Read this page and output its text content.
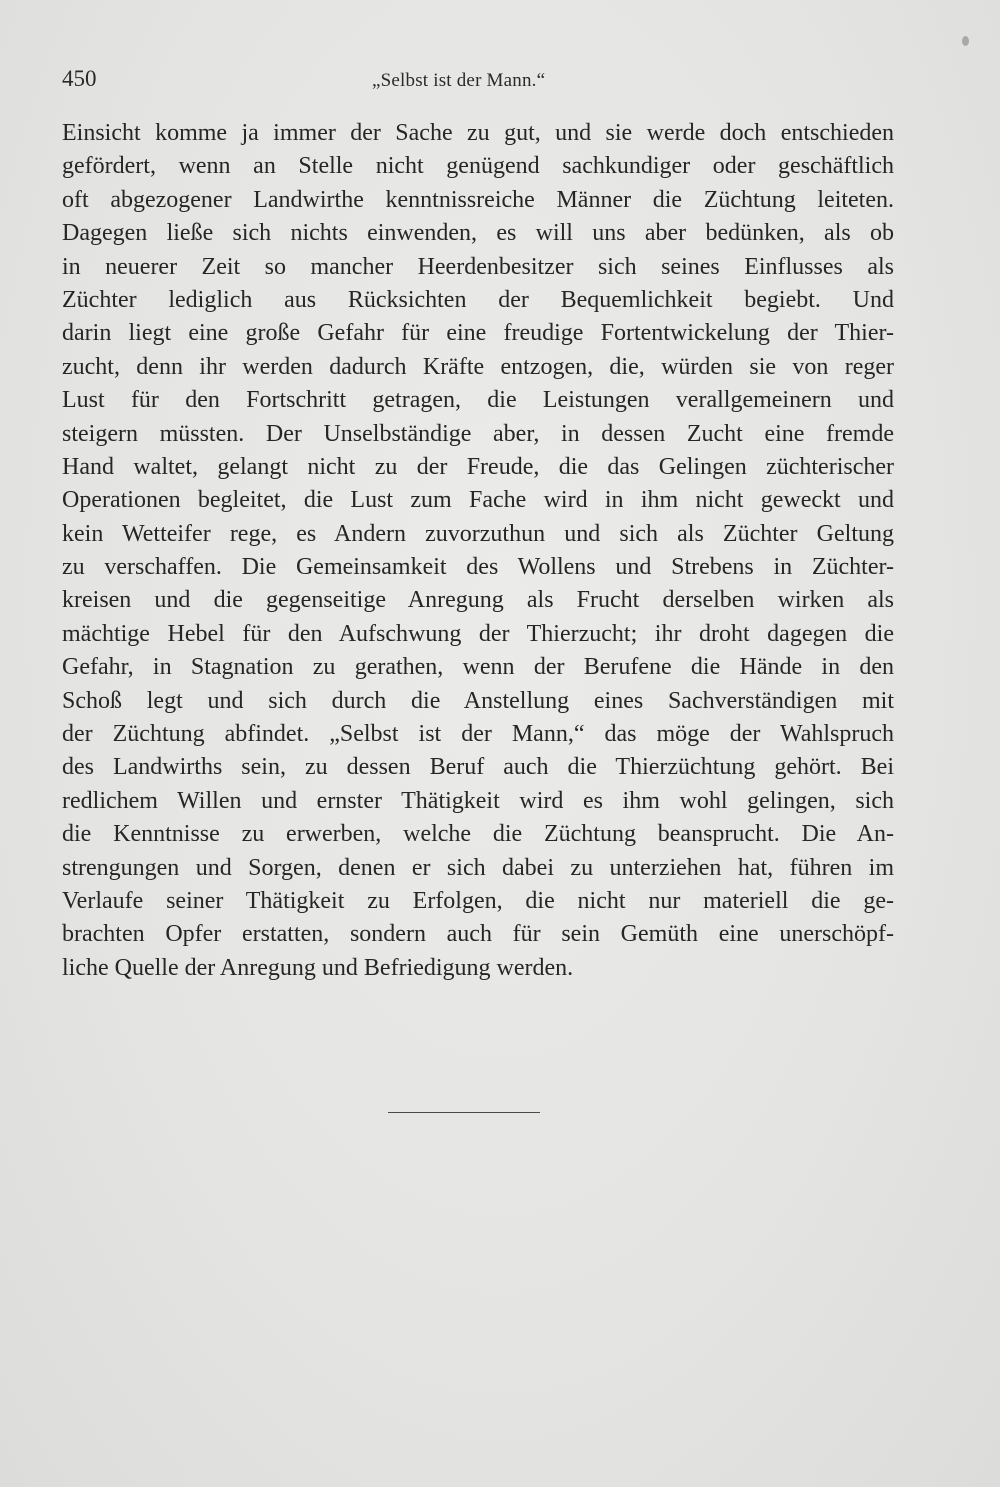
450	„Selbst ist der Mann.“
Einsicht komme ja immer der Sache zu gut, und sie werde doch entschieden
gefördert, wenn an Stelle nicht genügend sachkundiger oder geschäftlich
oft abgezogener Landwirthe kenntnissreiche Männer die Züchtung leiteten.
Dagegen ließe sich nichts einwenden, es will uns aber bedünken, als ob
in neuerer Zeit so mancher Heerdenbesitzer sich seines Einflusses als
Züchter lediglich aus Rücksichten der Bequemlichkeit begiebt. Und
darin liegt eine große Gefahr für eine freudige Fortentwickelung der Thier-
zucht, denn ihr werden dadurch Kräfte entzogen, die, würden sie von reger
Lust für den Fortschritt getragen, die Leistungen verallgemeinern und
steigern müssten. Der Unselbständige aber, in dessen Zucht eine fremde
Hand waltet, gelangt nicht zu der Freude, die das Gelingen züchterischer
Operationen begleitet, die Lust zum Fache wird in ihm nicht geweckt und
kein Wetteifer rege, es Andern zuvorzuthun und sich als Züchter Geltung
zu verschaffen. Die Gemeinsamkeit des Wollens und Strebens in Züchter-
kreisen und die gegenseitige Anregung als Frucht derselben wirken als
mächtige Hebel für den Aufschwung der Thierzucht; ihr droht dagegen die
Gefahr, in Stagnation zu gerathen, wenn der Berufene die Hände in den
Schoß legt und sich durch die Anstellung eines Sachverständigen mit
der Züchtung abfindet. „Selbst ist der Mann,“ das möge der Wahlspruch
des Landwirths sein, zu dessen Beruf auch die Thierzüchtung gehört. Bei
redlichem Willen und ernster Thätigkeit wird es ihm wohl gelingen, sich
die Kenntnisse zu erwerben, welche die Züchtung beansprucht. Die An-
strengungen und Sorgen, denen er sich dabei zu unterziehen hat, führen im
Verlaufe seiner Thätigkeit zu Erfolgen, die nicht nur materiell die ge-
brachten Opfer erstatten, sondern auch für sein Gemüth eine unerschöpf-
liche Quelle der Anregung und Befriedigung werden.
